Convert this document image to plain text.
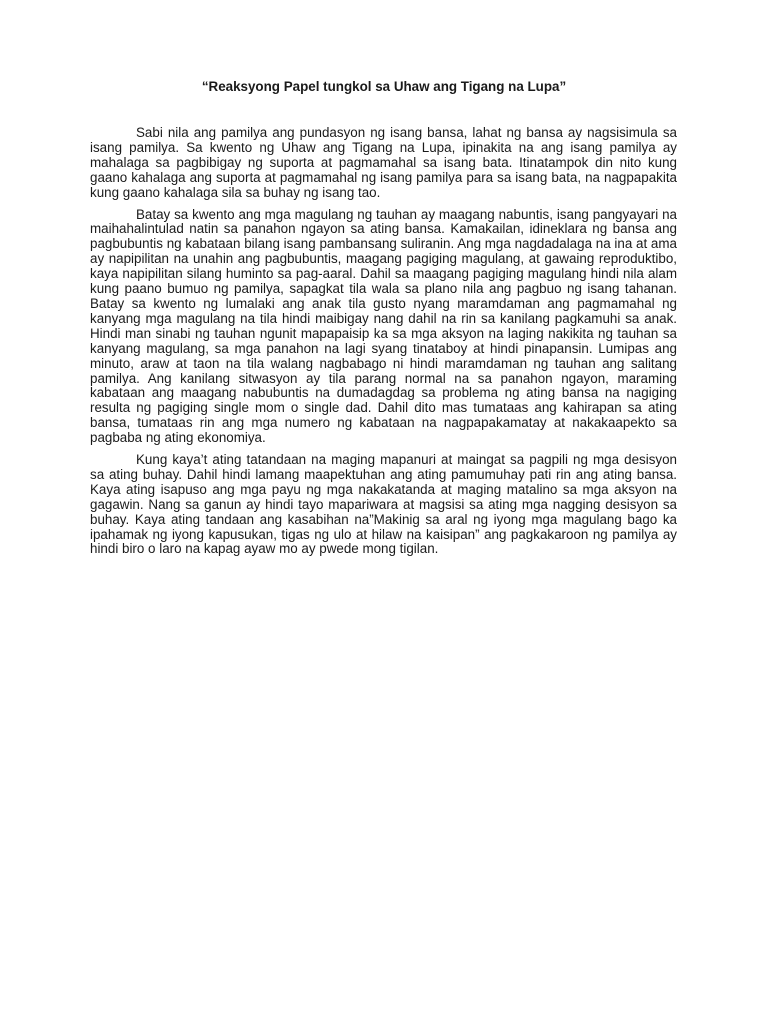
“Reaksyong Papel tungkol sa Uhaw ang Tigang na Lupa”

Sabi nila ang pamilya ang pundasyon ng isang bansa, lahat ng bansa ay nagsisimula sa isang pamilya. Sa kwento ng Uhaw ang Tigang na Lupa, ipinakita na ang isang pamilya ay mahalaga sa pagbibigay ng suporta at pagmamahal sa isang bata. Itinatampok din nito kung gaano kahalaga ang suporta at pagmamahal ng isang pamilya para sa isang bata, na nagpapakita kung gaano kahalaga sila sa buhay ng isang tao.

Batay sa kwento ang mga magulang ng tauhan ay maagang nabuntis, isang pangyayari na maihahalintulad natin sa panahon ngayon sa ating bansa. Kamakailan, idineklara ng bansa ang pagbubuntis ng kabataan bilang isang pambansang suliranin. Ang mga nagdadalaga na ina at ama ay napipilitan na unahin ang pagbubuntis, maagang pagiging magulang, at gawaing reproduktibo, kaya napipilitan silang huminto sa pag-aaral. Dahil sa maagang pagiging magulang hindi nila alam kung paano bumuo ng pamilya, sapagkat tila wala sa plano nila ang pagbuo ng isang tahanan. Batay sa kwento ng lumalaki ang anak tila gusto nyang maramdaman ang pagmamahal ng kanyang mga magulang na tila hindi maibigay nang dahil na rin sa kanilang pagkamuhi sa anak. Hindi man sinabi ng tauhan ngunit mapapaisip ka sa mga aksyon na laging nakikita ng tauhan sa kanyang magulang, sa mga panahon na lagi syang tinataboy at hindi pinapansin. Lumipas ang minuto, araw at taon na tila walang nagbabago ni hindi maramdaman ng tauhan ang salitang pamilya. Ang kanilang sitwasyon ay tila parang normal na sa panahon ngayon, maraming kabataan ang maagang nabubuntis na dumadagdag sa problema ng ating bansa na nagiging resulta ng pagiging single mom o single dad. Dahil dito mas tumataas ang kahirapan sa ating bansa, tumataas rin ang mga numero ng kabataan na nagpapakamatay at nakakaapekto sa pagbaba ng ating ekonomiya.

Kung kaya’t ating tatandaan na maging mapanuri at maingat sa pagpili ng mga desisyon sa ating buhay. Dahil hindi lamang maapektuhan ang ating pamumuhay pati rin ang ating bansa. Kaya ating isapuso ang mga payu ng mga nakakatanda at maging matalino sa mga aksyon na gagawin. Nang sa ganun ay hindi tayo mapariwara at magsisi sa ating mga nagging desisyon sa buhay. Kaya ating tandaan ang kasabihan na”Makinig sa aral ng iyong mga magulang bago ka ipahamak ng iyong kapusukan, tigas ng ulo at hilaw na kaisipan” ang pagkakaroon ng pamilya ay hindi biro o laro na kapag ayaw mo ay pwede mong tigilan.
